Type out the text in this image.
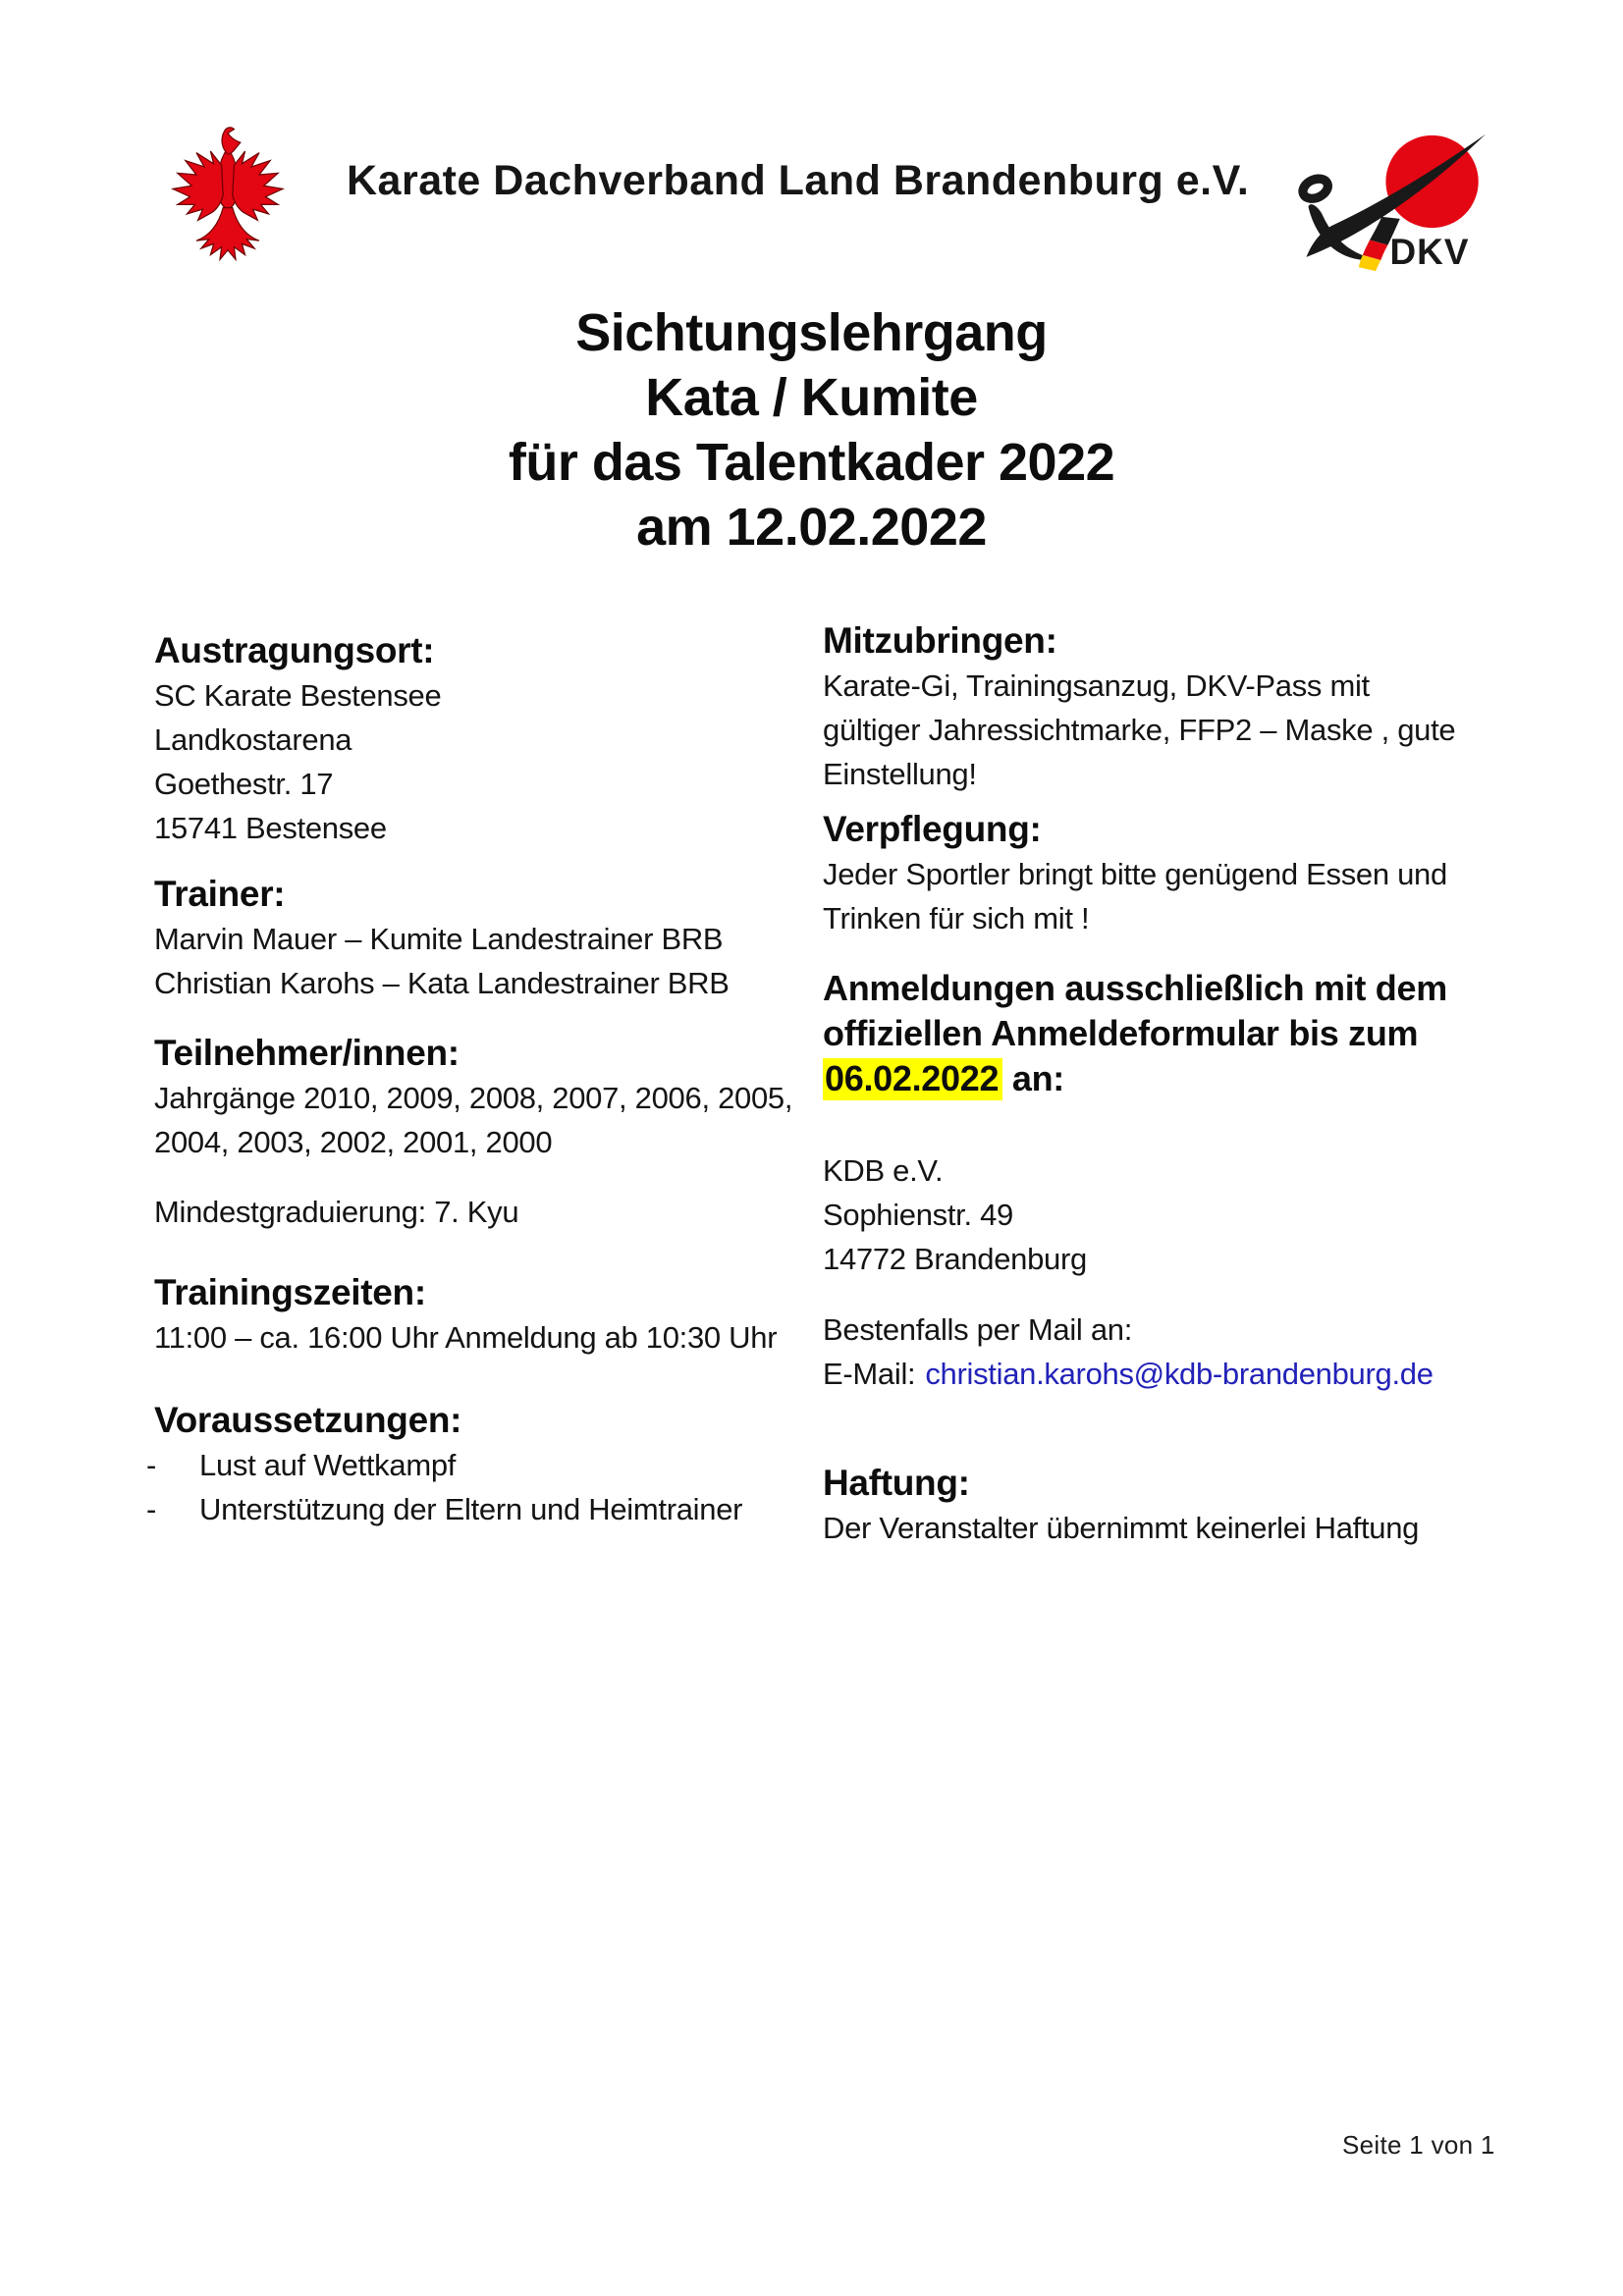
Karate Dachverband Land Brandenburg e.V.
DKV
Sichtungslehrgang
Kata / Kumite
für das Talentkader 2022
am 12.02.2022
Austragungsort:
SC Karate Bestensee
Landkostarena
Goethestr. 17
15741 Bestensee
Trainer:
Marvin Mauer – Kumite Landestrainer BRB
Christian Karohs – Kata Landestrainer BRB
Teilnehmer/innen:
Jahrgänge 2010, 2009, 2008, 2007, 2006, 2005,
2004, 2003, 2002, 2001, 2000
Mindestgraduierung: 7. Kyu
Trainingszeiten:
11:00 – ca. 16:00 Uhr Anmeldung ab 10:30 Uhr
Voraussetzungen:
- Lust auf Wettkampf
- Unterstützung der Eltern und Heimtrainer
Mitzubringen:
Karate-Gi, Trainingsanzug, DKV-Pass mit
gültiger Jahressichtmarke, FFP2 – Maske , gute
Einstellung!
Verpflegung:
Jeder Sportler bringt bitte genügend Essen und
Trinken für sich mit !
Anmeldungen ausschließlich mit dem
offiziellen Anmeldeformular bis zum
06.02.2022 an:
KDB e.V.
Sophienstr. 49
14772 Brandenburg
Bestenfalls per Mail an:
E-Mail: christian.karohs@kdb-brandenburg.de
Haftung:
Der Veranstalter übernimmt keinerlei Haftung
Seite 1 von 1
